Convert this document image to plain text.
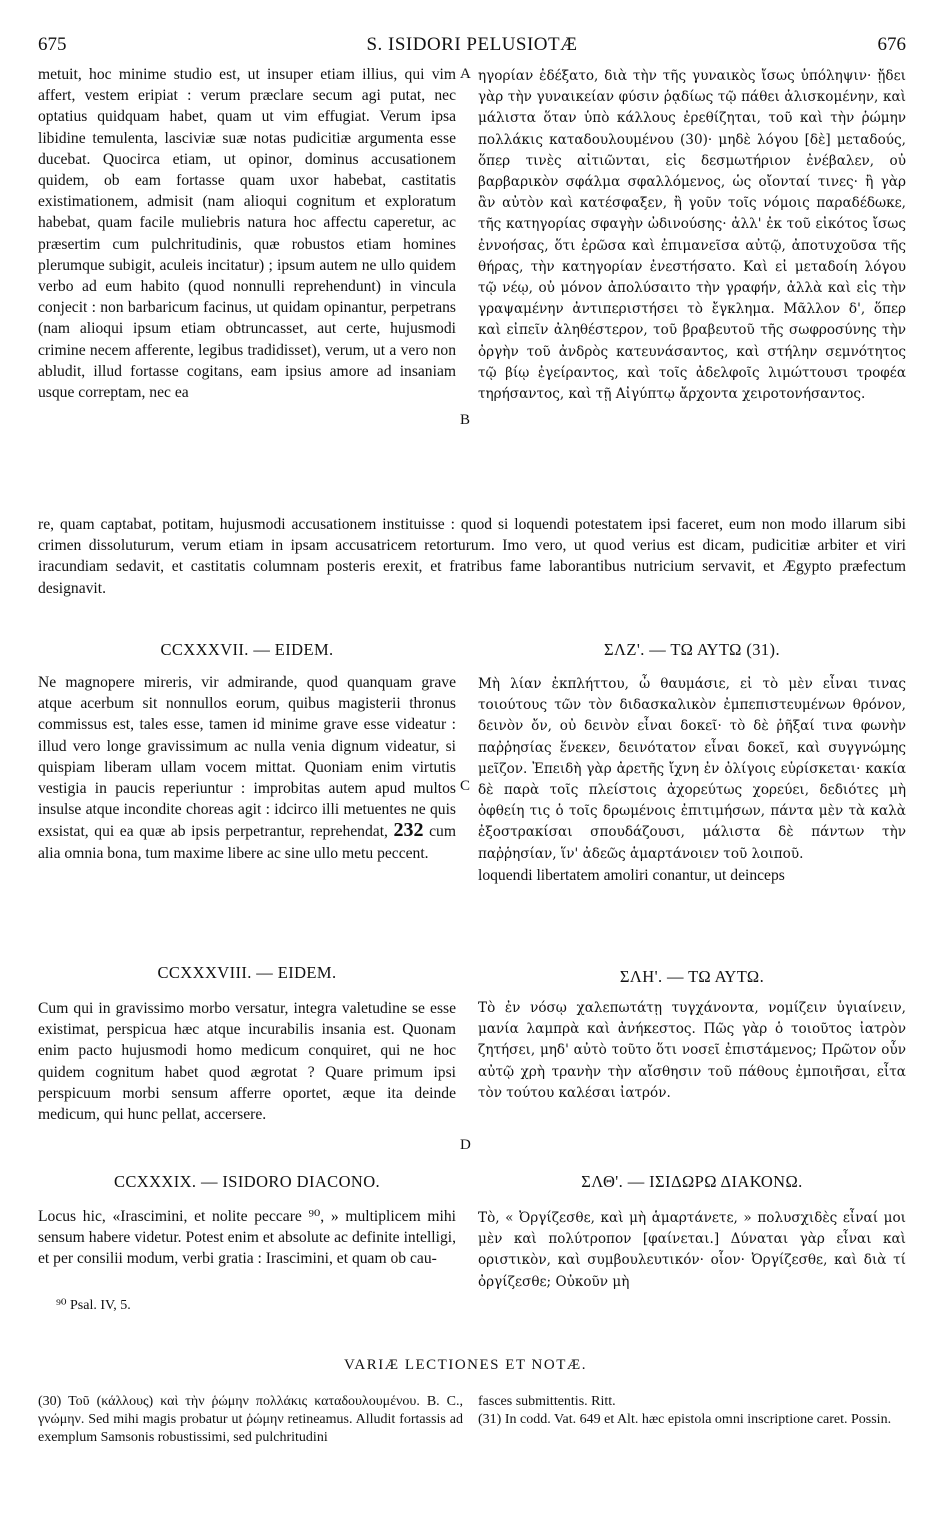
675	S. ISIDORI PELUSIOTÆ	676

metuit, hoc minime studio est, ut insuper etiam illius, qui vim affert, vestem eripiat : verum præclare secum agi putat, nec optatius quidquam habet, quam ut vim effugiat. Verum ipsa libidine temulenta, lasciviæ suæ notas pudicitiæ argumenta esse ducebat. Quocirca etiam, ut opinor, dominus accusationem quidem, ob eam fortasse quam uxor habebat, castitatis existimationem, admisit (nam alioqui cognitum et exploratum habebat, quam facile muliebris natura hoc affectu caperetur, ac præsertim cum pulchritudinis, quæ robustos etiam homines plerumque subigit, aculeis incitatur) ; ipsum autem ne ullo quidem verbo ad eum habito (quod nonnulli reprehendunt) in vincula conjecit : non barbaricum facinus, ut quidam opinantur, perpetrans (nam alioqui ipsum etiam obtruncasset, aut certe, hujusmodi crimine necem afferente, legibus tradidisset), verum, ut a vero non abludit, illud fortasse cogitans, eam ipsius amore ad insaniam usque correptam, nec ea

ηγορίαν ἐδέξατο, διὰ τὴν τῆς γυναικὸς ἴσως ὑπόληψιν· ᾔδει γὰρ τὴν γυναικείαν φύσιν ῥᾳδίως τῷ πάθει ἁλισκομένην, καὶ μάλιστα ὅταν ὑπὸ κάλλους ἐρεθίζηται, τοῦ καὶ τὴν ῥώμην πολλάκις καταδουλουμένου (30)· μηδὲ λόγου [δὲ] μεταδούς, ὅπερ τινὲς αἰτιῶνται, εἰς δεσμωτήριον ἐνέβαλεν, οὐ βαρβαρικὸν σφάλμα σφαλλόμενος, ὡς οἴονταί τινες· ἢ γὰρ ἂν αὐτὸν καὶ κατέσφαξεν, ἢ γοῦν τοῖς νόμοις παραδέδωκε, τῆς κατηγορίας σφαγὴν ὠδινούσης· ἀλλ' ἐκ τοῦ εἰκότος ἴσως ἐννοήσας, ὅτι ἐρῶσα καὶ ἐπιμανεῖσα αὐτῷ, ἀποτυχοῦσα τῆς θήρας, τὴν κατηγορίαν ἐνεστήσατο. Καὶ εἰ μεταδοίη λόγου τῷ νέῳ, οὐ μόνον ἀπολύσαιτο τὴν γραφήν, ἀλλὰ καὶ εἰς τὴν γραψαμένην ἀντιπεριστήσει τὸ ἔγκλημα. Μᾶλλον δ', ὅπερ καὶ εἰπεῖν ἀληθέστερον, τοῦ βραβευτοῦ τῆς σωφροσύνης τὴν ὀργὴν τοῦ ἀνδρὸς κατευνάσαντος, καὶ στήλην σεμνότητος τῷ βίῳ ἐγείραντος, καὶ τοῖς ἀδελφοῖς λιμώττουσι τροφέα τηρήσαντος, καὶ τῇ Αἰγύπτῳ ἄρχοντα χειροτονήσαντος.

A
B

re, quam captabat, potitam, hujusmodi accusationem instituisse : quod si loquendi potestatem ipsi faceret, eum non modo illarum sibi crimen dissoluturum, verum etiam in ipsam accusatricem retorturum. Imo vero, ut quod verius est dicam, pudicitiæ arbiter et viri iracundiam sedavit, et castitatis columnam posteris erexit, et fratribus fame laborantibus nutricium servavit, et Ægypto præfectum designavit.

CCXXXVII. — EIDEM.	ΣΛΖ'. — ΤΩ ΑΥΤΩ (31).

Ne magnopere mireris, vir admirande, quod quanquam grave atque acerbum sit nonnullos eorum, quibus magisterii thronus commissus est, tales esse, tamen id minime grave esse videatur : illud vero longe gravissimum ac nulla venia dignum videatur, si quispiam liberam ullam vocem mittat. Quoniam enim virtutis vestigia in paucis reperiuntur : improbitas autem apud multos insulse atque incondite choreas agit : idcirco illi metuentes ne quis exsistat, qui ea quæ ab ipsis perpetrantur, reprehendat, 232 cum alia omnia bona, tum maxime libere ac sine ullo metu peccent.

Μὴ λίαν ἐκπλήττου, ὦ θαυμάσιε, εἰ τὸ μὲν εἶναι τινας τοιούτους τῶν τὸν διδασκαλικὸν ἐμπεπιστευμένων θρόνον, δεινὸν ὄν, οὐ δεινὸν εἶναι δοκεῖ· τὸ δὲ ῥῆξαί τινα φωνὴν παῤῥησίας ἕνεκεν, δεινότατον εἶναι δοκεῖ, καὶ συγγνώμης μεῖζον. Ἐπειδὴ γὰρ ἀρετῆς ἴχνη ἐν ὀλίγοις εὑρίσκεται· κακία δὲ παρὰ τοῖς πλείστοις ἀχορεύτως χορεύει, δεδιότες μὴ ὀφθείη τις ὁ τοῖς δρωμένοις ἐπιτιμήσων, πάντα μὲν τὰ καλὰ ἐξοστρακίσαι σπουδάζουσι, μάλιστα δὲ πάντων τὴν παῤῥησίαν, ἵν' ἀδεῶς ἁμαρτάνοιεν τοῦ λοιποῦ.

loquendi libertatem amoliri conantur, ut deinceps

C
CCXXXVIII. — EIDEM.	ΣΛΗ'. — ΤΩ ΑΥΤΩ.

Cum qui in gravissimo morbo versatur, integra valetudine se esse existimat, perspicua hæc atque incurabilis insania est. Quonam enim pacto hujusmodi homo medicum conquiret, qui ne hoc quidem cognitum habet quod ægrotat ? Quare primum ipsi perspicuum morbi sensum afferre oportet, æque ita deinde medicum, qui hunc pellat, accersere.

Τὸ ἐν νόσῳ χαλεπωτάτῃ τυγχάνοντα, νομίζειν ὑγιαίνειν, μανία λαμπρὰ καὶ ἀνήκεστος. Πῶς γὰρ ὁ τοιοῦτος ἰατρὸν ζητήσει, μηδ' αὐτὸ τοῦτο ὅτι νοσεῖ ἐπιστάμενος; Πρῶτον οὖν αὐτῷ χρὴ τρανὴν τὴν αἴσθησιν τοῦ πάθους ἐμποιῆσαι, εἶτα τὸν τούτου καλέσαι ἰατρόν.

D
CCXXXIX. — ISIDORO DIACONO.	ΣΛΘ'. — ΙΣΙΔΩΡΩ ΔΙΑΚΟΝΩ.

Locus hic, «Irascimini, et nolite peccare ⁹⁰, » multiplicem mihi sensum habere videtur. Potest enim et absolute ac definite intelligi, et per consilii modum, verbi gratia : Irascimini, et quam ob cau-

Τὸ, « Ὀργίζεσθε, καὶ μὴ ἁμαρτάνετε, » πολυσχιδὲς εἶναί μοι μὲν καὶ πολύτροπον [φαίνεται.] Δύναται γὰρ εἶναι καὶ οριστικὸν, καὶ συμβουλευτικόν· οἷον· Ὀργίζεσθε, καὶ διὰ τί ὀργίζεσθε; Οὐκοῦν μὴ

⁹⁰ Psal. IV, 5.
VARIÆ LECTIONES ET NOTÆ.
(30) Τοῦ (κάλλους) καὶ τὴν ῥώμην πολλάκις καταδουλουμένου. B. C., γνώμην. Sed mihi magis probatur ut ῥώμην retineamus. Alludit fortassis ad exemplum Samsonis robustissimi, sed pulchritudini
fasces submittentis. Ritt.
(31) In codd. Vat. 649 et Alt. hæc epistola omni inscriptione caret. Possin.
